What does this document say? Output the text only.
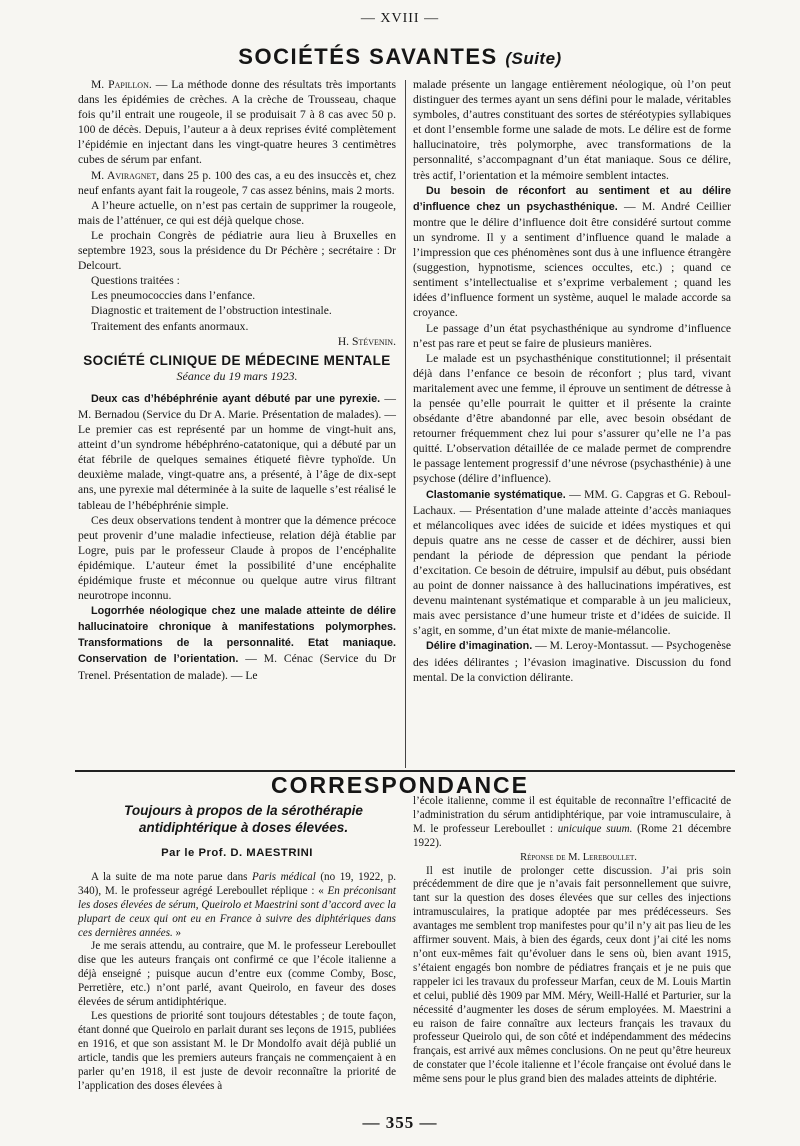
— XVIII —
SOCIÉTÉS SAVANTES (Suite)

M. Papillon. — La méthode donne des résultats très importants dans les épidémies de crèches. A la crèche de Trousseau, chaque fois qu’il entrait une rougeole, il se produisait 7 à 8 cas avec 50 p. 100 de décès. Depuis, l’auteur a à deux reprises évité complètement l’épidémie en injectant dans les vingt-quatre heures 3 centimètres cubes de sérum par enfant.

M. Aviragnet, dans 25 p. 100 des cas, a eu des insuccès et, chez neuf enfants ayant fait la rougeole, 7 cas assez bénins, mais 2 morts.

A l’heure actuelle, on n’est pas certain de supprimer la rougeole, mais de l’atténuer, ce qui est déjà quelque chose.

Le prochain Congrès de pédiatrie aura lieu à Bruxelles en septembre 1923, sous la présidence du Dr Péchère ; secrétaire : Dr Delcourt.

Questions traitées :

Les pneumococcies dans l’enfance.

Diagnostic et traitement de l’obstruction intestinale.

Traitement des enfants anormaux.

H. Stévenin.

SOCIÉTÉ CLINIQUE DE MÉDECINE MENTALE
Séance du 19 mars 1923.

Deux cas d’hébéphrénie ayant débuté par une pyrexie. — M. Bernadou (Service du Dr A. Marie. Présentation de malades). — Le premier cas est représenté par un homme de vingt-huit ans, atteint d’un syndrome hébéphréno-catatonique, qui a débuté par un état fébrile de quelques semaines étiqueté fièvre typhoïde. Un deuxième malade, vingt-quatre ans, a présenté, à l’âge de dix-sept ans, une pyrexie mal déterminée à la suite de laquelle s’est réalisé le tableau de l’hébéphrénie simple.

Ces deux observations tendent à montrer que la démence précoce peut provenir d’une maladie infectieuse, relation déjà établie par Logre, puis par le professeur Claude à propos de l’encéphalite épidémique. L’auteur émet la possibilité d’une encéphalite épidémique fruste et méconnue ou quelque autre virus filtrant neurotrope inconnu.

Logorrhée néologique chez une malade atteinte de délire hallucinatoire chronique à manifestations polymorphes. Transformations de la personnalité. Etat maniaque. Conservation de l’orientation. — M. Cénac (Service du Dr Trenel. Présentation de malade). — Le

malade présente un langage entièrement néologique, où l’on peut distinguer des termes ayant un sens défini pour le malade, véritables symboles, d’autres constituant des sortes de stéréotypies syllabiques et dont l’ensemble forme une salade de mots. Le délire est de forme hallucinatoire, très polymorphe, avec transformations de la personnalité, s’accompagnant d’un état maniaque. Sous ce délire, très actif, l’orientation et la mémoire semblent intactes.

Du besoin de réconfort au sentiment et au délire d’influence chez un psychasthénique. — M. André Ceillier montre que le délire d’influence doit être considéré surtout comme un syndrome. Il y a sentiment d’influence quand le malade a l’impression que ces phénomènes sont dus à une influence étrangère (suggestion, hypnotisme, sciences occultes, etc.) ; quand ce sentiment s’intellectualise et s’exprime verbalement ; quand les idées d’influence forment un système, auquel le malade accorde sa croyance.

Le passage d’un état psychasthénique au syndrome d’influence n’est pas rare et peut se faire de plusieurs manières.

Le malade est un psychasthénique constitutionnel; il présentait déjà dans l’enfance ce besoin de réconfort ; plus tard, vivant maritalement avec une femme, il éprouve un sentiment de détresse à la pensée qu’elle pourrait le quitter et il présente la crainte obsédante d’être abandonné par elle, avec besoin obsédant de retourner fréquemment chez lui pour s’assurer qu’elle ne l’a pas quitté. L’observation détaillée de ce malade permet de comprendre le passage lentement progressif d’une névrose (psychasthénie) à une psychose (délire d’influence).

Clastomanie systématique. — MM. G. Capgras et G. Reboul-Lachaux. — Présentation d’une malade atteinte d’accès maniaques et mélancoliques avec idées de suicide et idées mystiques et qui depuis quatre ans ne cesse de casser et de déchirer, aussi bien pendant la période de dépression que pendant la période d’excitation. Ce besoin de détruire, impulsif au début, puis obsédant au point de donner naissance à des hallucinations impératives, est devenu maintenant systématique et comparable à un jeu malicieux, mais avec persistance d’une humeur triste et d’idées de suicide. Il s’agit, en somme, d’un état mixte de manie-mélancolie.

Délire d’imagination. — M. Leroy-Montassut. — Psychogenèse des idées délirantes ; l’évasion imaginative. Discussion du fond mental. De la conviction délirante.

CORRESPONDANCE

Toujours à propos de la sérothérapie

antidiphtérique à doses élevées.

Par le Prof. D. MAESTRINI

A la suite de ma note parue dans Paris médical (no 19, 1922, p. 340), M. le professeur agrégé Lereboullet réplique : « En préconisant les doses élevées de sérum, Queirolo et Maestrini sont d’accord avec la plupart de ceux qui ont eu en France à suivre des diphtériques dans ces dernières années. »

Je me serais attendu, au contraire, que M. le professeur Lereboullet dise que les auteurs français ont confirmé ce que l’école italienne a déjà enseigné ; puisque aucun d’entre eux (comme Comby, Bosc, Perretière, etc.) n’ont parlé, avant Queirolo, en faveur des doses élevées de sérum antidiphtérique.

Les questions de priorité sont toujours détestables ; de toute façon, étant donné que Queirolo en parlait durant ses leçons de 1915, publiées en 1916, et que son assistant M. le Dr Mondolfo avait déjà publié un article, tandis que les premiers auteurs français ne commençaient à en parler qu’en 1918, il est juste de devoir reconnaître la priorité de l’application des doses élevées à

l’école italienne, comme il est équitable de reconnaître l’efficacité de l’administration du sérum antidiphtérique, par voie intramusculaire, à M. le professeur Lereboullet : unicuique suum. (Rome 21 décembre 1922).

Réponse de M. Lereboullet.

Il est inutile de prolonger cette discussion. J’ai pris soin précédemment de dire que je n’avais fait personnellement que suivre, tant sur la question des doses élevées que sur celles des injections intramusculaires, la pratique adoptée par mes prédécesseurs. Ses avantages me semblent trop manifestes pour qu’il n’y ait pas lieu de les affirmer souvent. Mais, à bien des égards, ceux dont j’ai cité les noms n’ont eux-mêmes fait qu’évoluer dans le sens où, bien avant 1915, s’étaient engagés bon nombre de pédiatres français et je ne puis que rappeler ici les travaux du professeur Marfan, ceux de M. Louis Martin et celui, publié dès 1909 par MM. Méry, Weill-Hallé et Parturier, sur la nécessité d’augmenter les doses de sérum employées. M. Maestrini a eu raison de faire connaître aux lecteurs français les travaux du professeur Queirolo qui, de son côté et indépendamment des médecins français, est arrivé aux mêmes conclusions. On ne peut qu’être heureux de constater que l’école italienne et l’école française ont évolué dans le même sens pour le plus grand bien des malades atteints de diphtérie.

— 355 —
